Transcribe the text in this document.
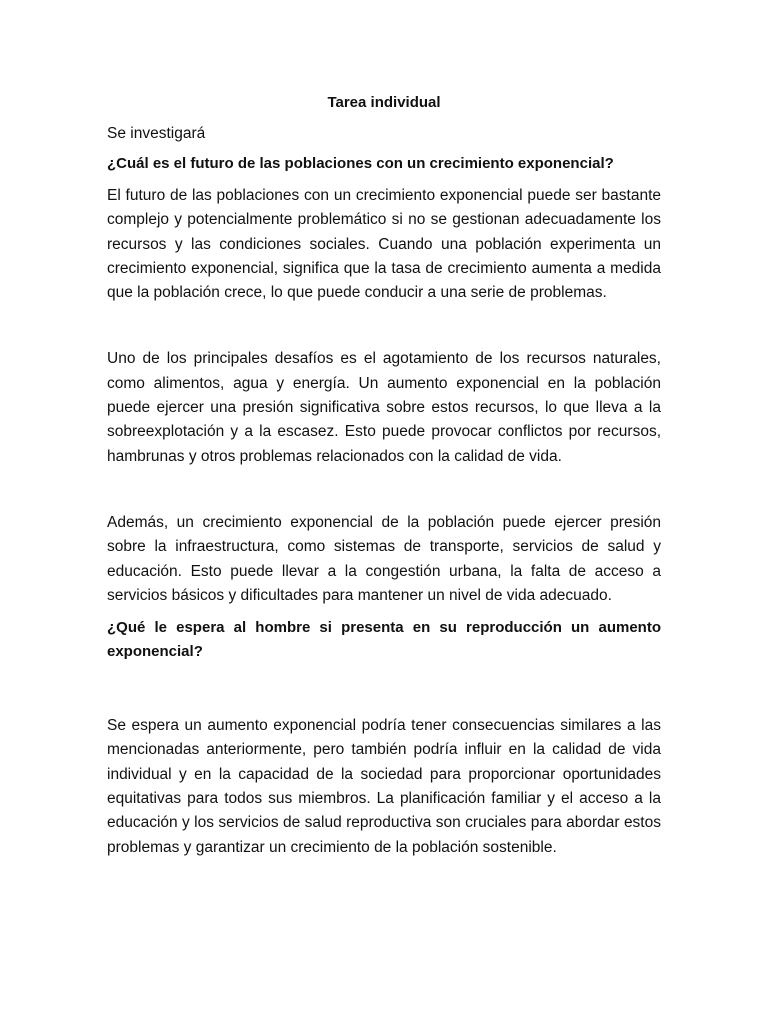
Tarea individual

Se investigará

¿Cuál es el futuro de las poblaciones con un crecimiento exponencial?

El futuro de las poblaciones con un crecimiento exponencial puede ser bastante complejo y potencialmente problemático si no se gestionan adecuadamente los recursos y las condiciones sociales. Cuando una población experimenta un crecimiento exponencial, significa que la tasa de crecimiento aumenta a medida que la población crece, lo que puede conducir a una serie de problemas.

Uno de los principales desafíos es el agotamiento de los recursos naturales, como alimentos, agua y energía. Un aumento exponencial en la población puede ejercer una presión significativa sobre estos recursos, lo que lleva a la sobreexplotación y a la escasez. Esto puede provocar conflictos por recursos, hambrunas y otros problemas relacionados con la calidad de vida.

Además, un crecimiento exponencial de la población puede ejercer presión sobre la infraestructura, como sistemas de transporte, servicios de salud y educación. Esto puede llevar a la congestión urbana, la falta de acceso a servicios básicos y dificultades para mantener un nivel de vida adecuado.

¿Qué le espera al hombre si presenta en su reproducción un aumento exponencial?

Se espera un aumento exponencial podría tener consecuencias similares a las mencionadas anteriormente, pero también podría influir en la calidad de vida individual y en la capacidad de la sociedad para proporcionar oportunidades equitativas para todos sus miembros. La planificación familiar y el acceso a la educación y los servicios de salud reproductiva son cruciales para abordar estos problemas y garantizar un crecimiento de la población sostenible.
